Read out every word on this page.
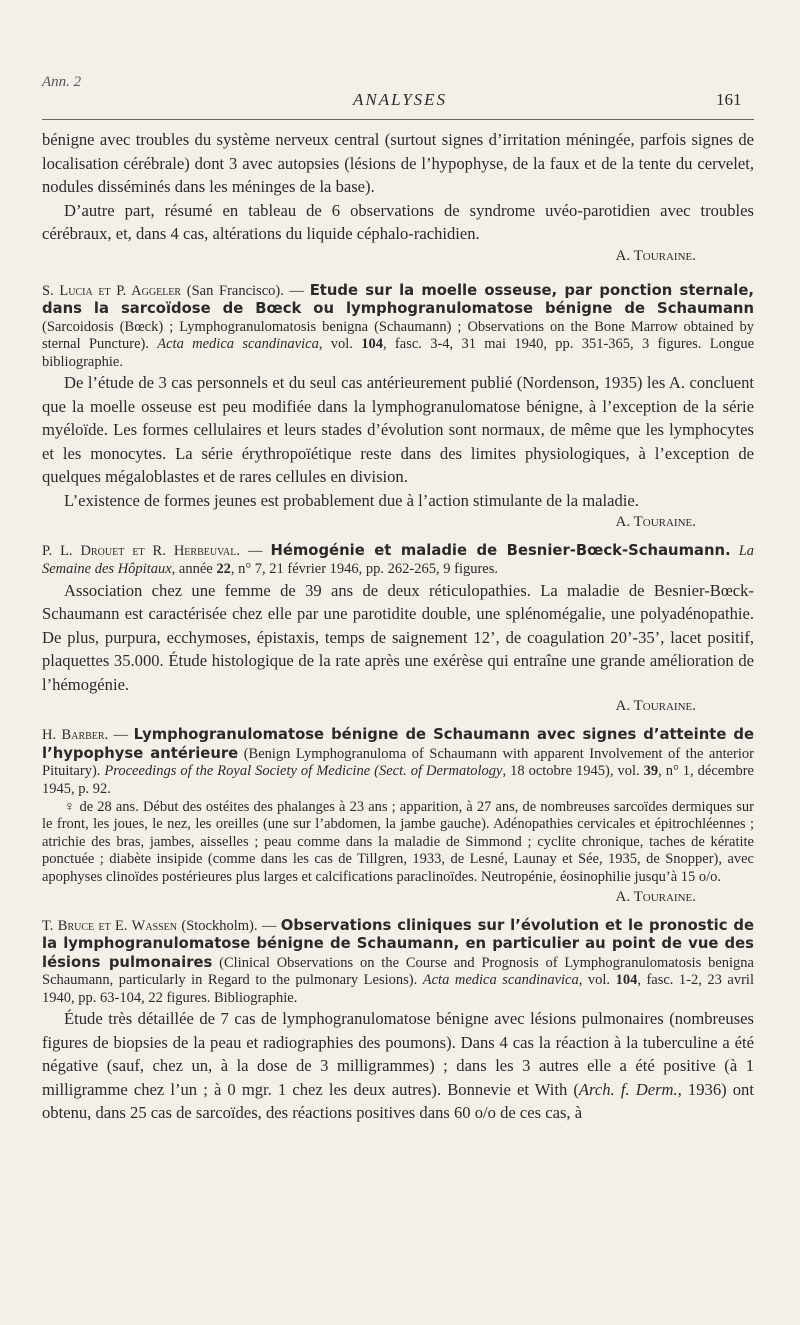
Ann. 2
ANALYSES	161

bénigne avec troubles du système nerveux central (surtout signes d’irritation méningée, parfois signes de localisation cérébrale) dont 3 avec autopsies (lésions de l’hypophyse, de la faux et de la tente du cervelet, nodules disséminés dans les méninges de la base).

D’autre part, résumé en tableau de 6 observations de syndrome uvéo-parotidien avec troubles cérébraux, et, dans 4 cas, altérations du liquide céphalo-rachidien.

A. Touraine.

S. Lucia et P. Aggeler (San Francisco). — Etude sur la moelle osseuse, par ponction sternale, dans la sarcoïdose de Bœck ou lymphogranulomatose bénigne de Schaumann (Sarcoidosis (Bœck) ; Lymphogranulomatosis benigna (Schaumann) ; Observations on the Bone Marrow obtained by sternal Puncture). Acta medica scandinavica, vol. 104, fasc. 3-4, 31 mai 1940, pp. 351-365, 3 figures. Longue bibliographie.

De l’étude de 3 cas personnels et du seul cas antérieurement publié (Nordenson, 1935) les A. concluent que la moelle osseuse est peu modifiée dans la lymphogranulomatose bénigne, à l’exception de la série myéloïde. Les formes cellulaires et leurs stades d’évolution sont normaux, de même que les lymphocytes et les monocytes. La série érythropoïétique reste dans des limites physiologiques, à l’exception de quelques mégaloblastes et de rares cellules en division.

L’existence de formes jeunes est probablement due à l’action stimulante de la maladie.

A. Touraine.

P. L. Drouet et R. Herbeuval. — Hémogénie et maladie de Besnier-Bœck-Schaumann. La Semaine des Hôpitaux, année 22, n° 7, 21 février 1946, pp. 262-265, 9 figures.

Association chez une femme de 39 ans de deux réticulopathies. La maladie de Besnier-Bœck-Schaumann est caractérisée chez elle par une parotidite double, une splénomégalie, une polyadénopathie. De plus, purpura, ecchymoses, épistaxis, temps de saignement 12’, de coagulation 20’-35’, lacet positif, plaquettes 35.000. Étude histologique de la rate après une exérèse qui entraîne une grande amélioration de l’hémogénie.

A. Touraine.

H. Barber. — Lymphogranulomatose bénigne de Schaumann avec signes d’atteinte de l’hypophyse antérieure (Benign Lymphogranuloma of Schaumann with apparent Involvement of the anterior Pituitary). Proceedings of the Royal Society of Medicine (Sect. of Dermatology, 18 octobre 1945), vol. 39, n° 1, décembre 1945, p. 92.

♀ de 28 ans. Début des ostéites des phalanges à 23 ans ; apparition, à 27 ans, de nombreuses sarcoïdes dermiques sur le front, les joues, le nez, les oreilles (une sur l’abdomen, la jambe gauche). Adénopathies cervicales et épitrochléennes ; atrichie des bras, jambes, aisselles ; peau comme dans la maladie de Simmond ; cyclite chronique, taches de kératite ponctuée ; diabète insipide (comme dans les cas de Tillgren, 1933, de Lesné, Launay et Sée, 1935, de Snopper), avec apophyses clinoïdes postérieures plus larges et calcifications paraclinoïdes. Neutropénie, éosinophilie jusqu’à 15 o/o.

A. Touraine.

T. Bruce et E. Wassen (Stockholm). — Observations cliniques sur l’évolution et le pronostic de la lymphogranulomatose bénigne de Schaumann, en particulier au point de vue des lésions pulmonaires (Clinical Observations on the Course and Prognosis of Lymphogranulomatosis benigna Schaumann, particularly in Regard to the pulmonary Lesions). Acta medica scandinavica, vol. 104, fasc. 1-2, 23 avril 1940, pp. 63-104, 22 figures. Bibliographie.

Étude très détaillée de 7 cas de lymphogranulomatose bénigne avec lésions pulmonaires (nombreuses figures de biopsies de la peau et radiographies des poumons). Dans 4 cas la réaction à la tuberculine a été négative (sauf, chez un, à la dose de 3 milligrammes) ; dans les 3 autres elle a été positive (à 1 milligramme chez l’un ; à 0 mgr. 1 chez les deux autres). Bonnevie et With (Arch. f. Derm., 1936) ont obtenu, dans 25 cas de sarcoïdes, des réactions positives dans 60 o/o de ces cas, à
